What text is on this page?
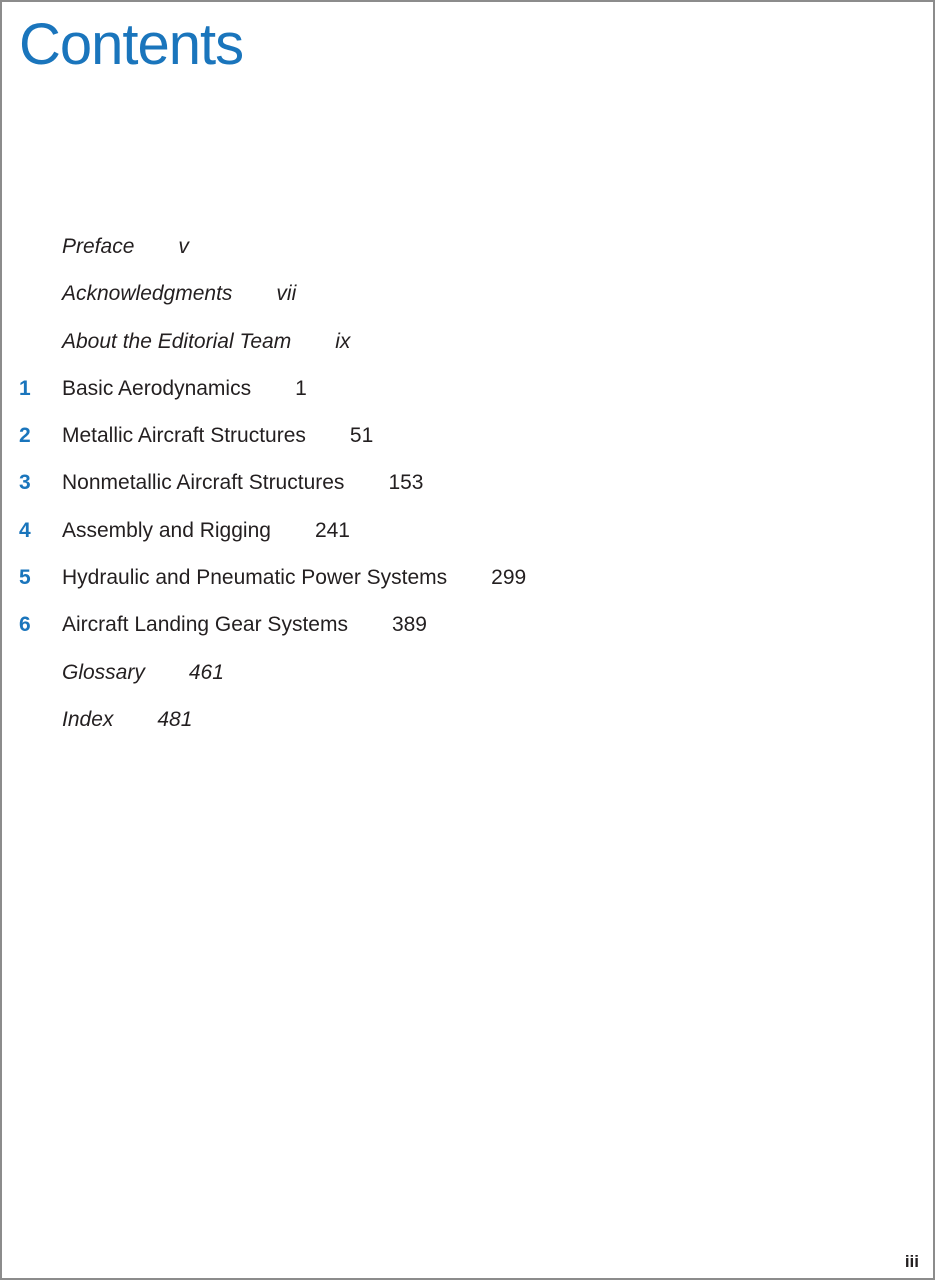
Contents
Preface v
Acknowledgments vii
About the Editorial Team ix
1	Basic Aerodynamics 1
2	Metallic Aircraft Structures 51
3	Nonmetallic Aircraft Structures 153
4	Assembly and Rigging 241
5	Hydraulic and Pneumatic Power Systems 299
6	Aircraft Landing Gear Systems 389
Glossary 461
Index 481
iii
